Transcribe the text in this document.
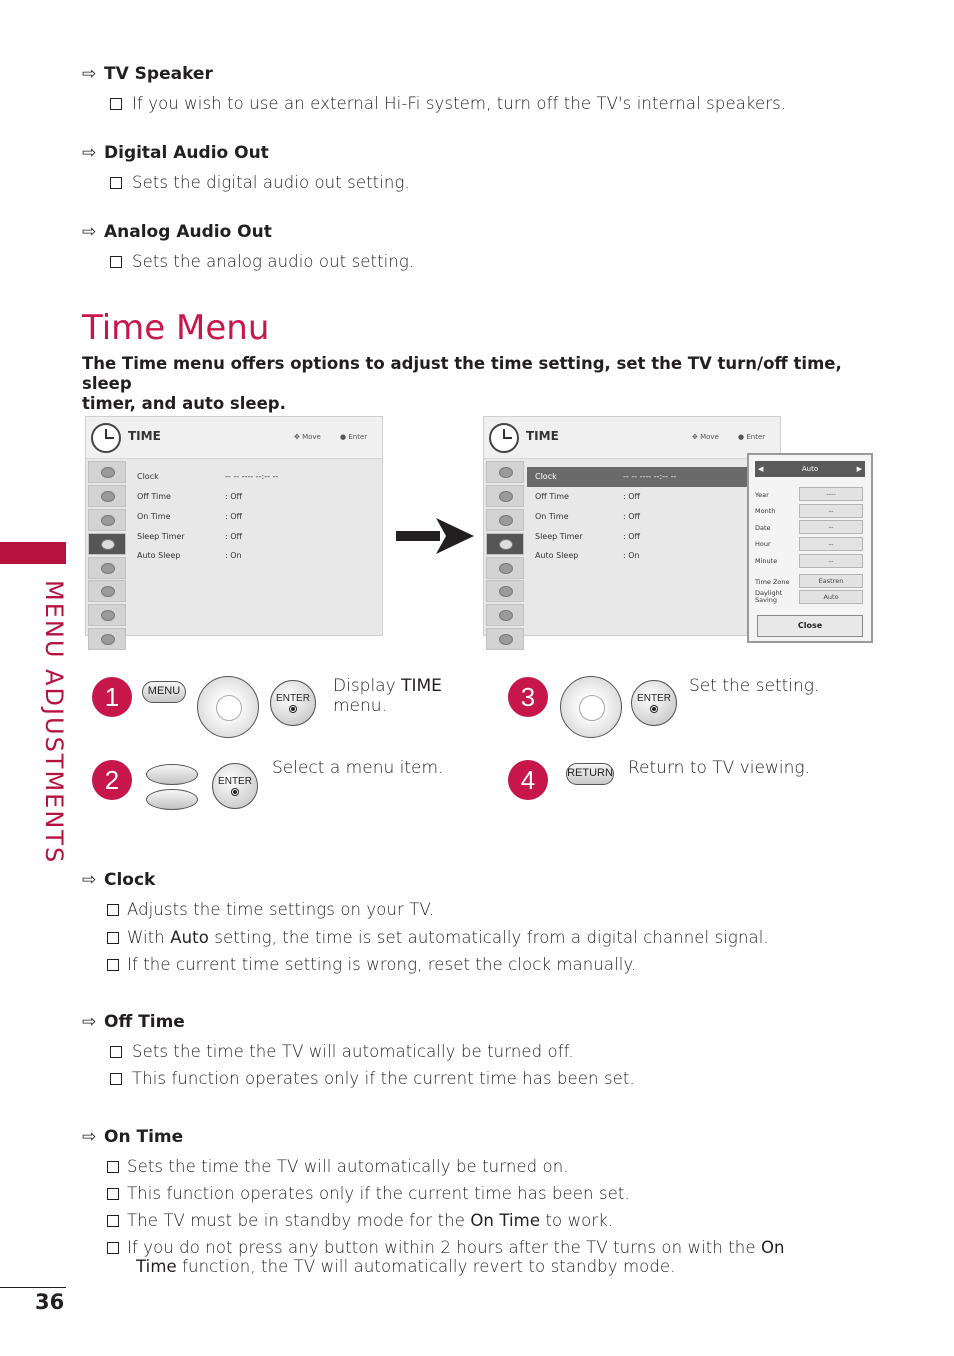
⇨ TV Speaker
If you wish to use an external Hi-Fi system, turn off the TV's internal speakers.
⇨ Digital Audio Out
Sets the digital audio out setting.
⇨ Analog Audio Out
Sets the analog audio out setting.
Time Menu
The Time menu offers options to adjust the time setting, set the TV turn/off time, sleep
timer, and auto sleep.
MENU ADJUSTMENTS
TIME	✥ Move	● Enter
Clock	-- -- ---- --:-- --
Off Time	: Off
On Time	: Off
Sleep Timer	: Off
Auto Sleep	: On
TIME	✥ Move	● Enter
Clock	-- -- ---- --:-- --
Off Time	: Off
On Time	: Off
Sleep Timer	: Off
Auto Sleep	: On
◀	Auto	▶
Year	----
Month	--
Date	--
Hour	--
Minute	--
Time Zone	Eastren
Daylight
Saving	Auto
Close
1	MENU
ENTER
Display TIME
menu.
2	ENTER
Select a menu item.
3	ENTER
Set the setting.
4	RETURN Return to TV viewing.
⇨ Clock
Adjusts the time settings on your TV.
With Auto setting, the time is set automatically from a digital channel signal.
If the current time setting is wrong, reset the clock manually.
⇨ Off Time
Sets the time the TV will automatically be turned off.
This function operates only if the current time has been set.
⇨ On Time
Sets the time the TV will automatically be turned on.
This function operates only if the current time has been set.
The TV must be in standby mode for the On Time to work.
If you do not press any button within 2 hours after the TV turns on with the On
Time function, the TV will automatically revert to standby mode.
36
